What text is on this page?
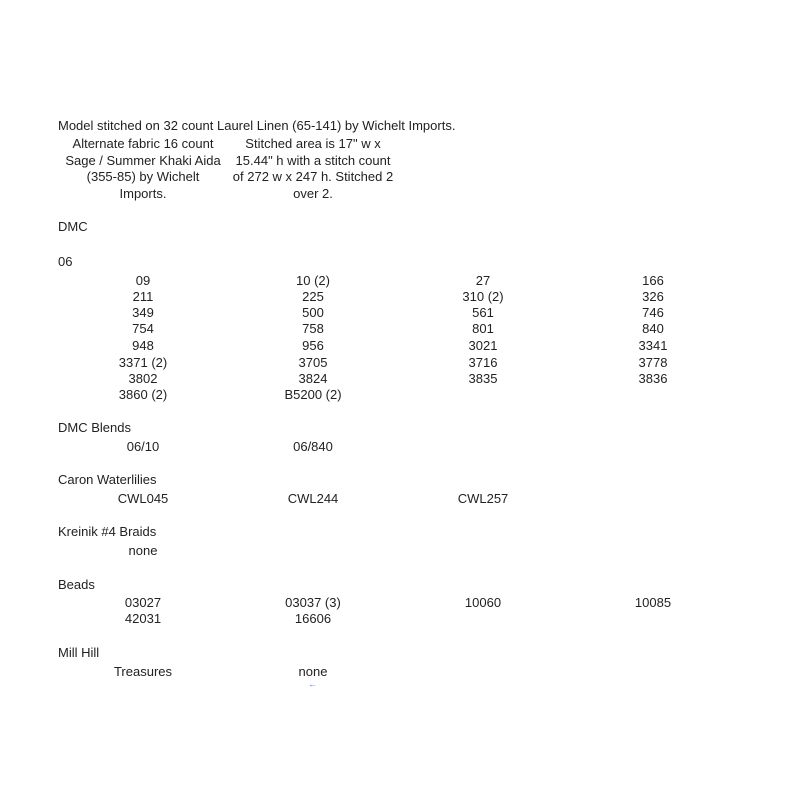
Model stitched on 32 count Laurel Linen (65-141) by Wichelt Imports.
Alternate fabric 16 count
Sage / Summer Khaki Aida
(355-85) by Wichelt
Imports.
Stitched area is 17" w x
15.44" h with a stitch count
of 272 w x 247 h. Stitched 2
over 2.
DMC
06
09	10 (2)	27	166
211	225	310 (2)	326
349	500	561	746
754	758	801	840
948	956	3021	3341
3371 (2)	3705	3716	3778
3802	3824	3835	3836
3860 (2)	B5200 (2)
DMC Blends
06/10	06/840
Caron Waterlilies
CWL045	CWL244	CWL257
Kreinik #4 Braids
none
Beads
03027	03037 (3)	10060	10085
42031	16606
Mill Hill
Treasures	none
←
